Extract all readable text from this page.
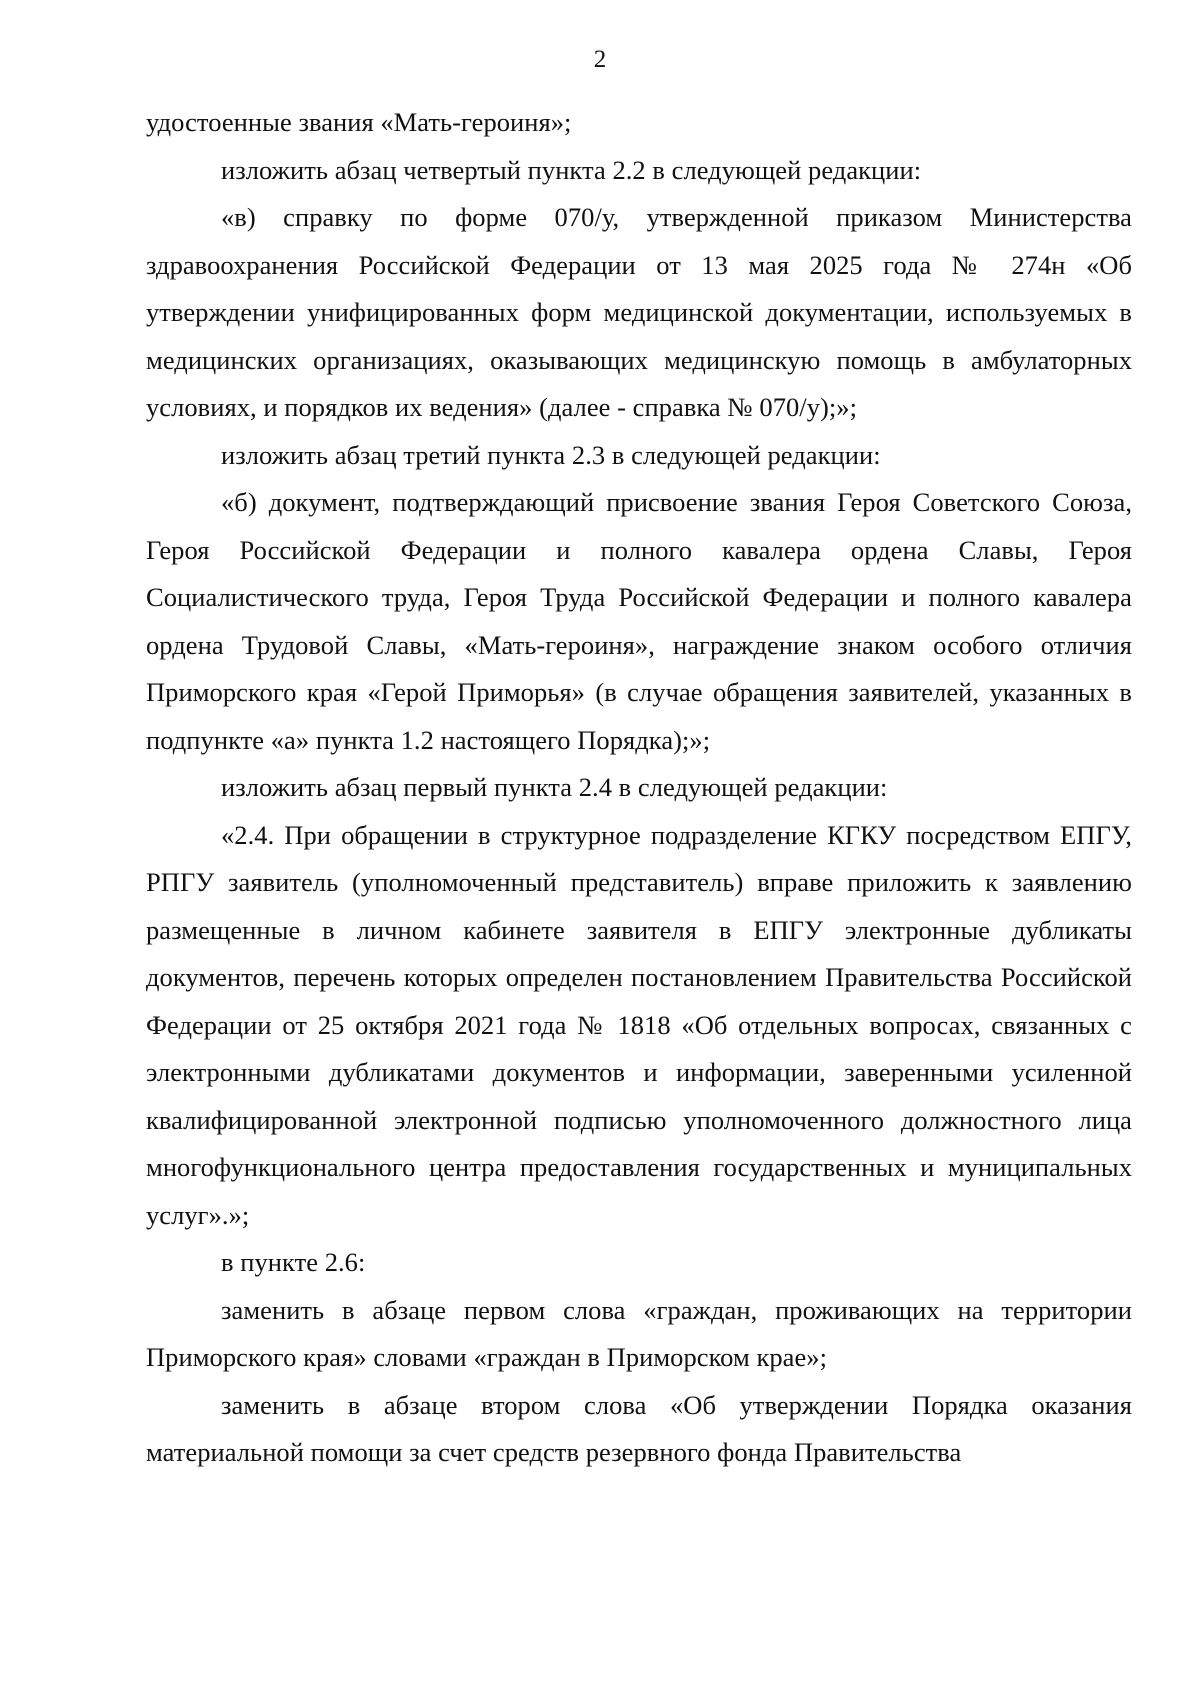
2

удостоенные звания «Мать-героиня»;

изложить абзац четвертый пункта 2.2 в следующей редакции:

«в) справку по форме 070/у, утвержденной приказом Министерства здравоохранения Российской Федерации от 13 мая 2025 года № 274н «Об утверждении унифицированных форм медицинской документации, используемых в медицинских организациях, оказывающих медицинскую помощь в амбулаторных условиях, и порядков их ведения» (далее - справка № 070/у);»;

изложить абзац третий пункта 2.3 в следующей редакции:

«б) документ, подтверждающий присвоение звания Героя Советского Союза, Героя Российской Федерации и полного кавалера ордена Славы, Героя Социалистического труда, Героя Труда Российской Федерации и полного кавалера ордена Трудовой Славы, «Мать-героиня», награждение знаком особого отличия Приморского края «Герой Приморья» (в случае обращения заявителей, указанных в подпункте «а» пункта 1.2 настоящего Порядка);»;

изложить абзац первый пункта 2.4 в следующей редакции:

«2.4. При обращении в структурное подразделение КГКУ посредством ЕПГУ, РПГУ заявитель (уполномоченный представитель) вправе приложить к заявлению размещенные в личном кабинете заявителя в ЕПГУ электронные дубликаты документов, перечень которых определен постановлением Правительства Российской Федерации от 25 октября 2021 года № 1818 «Об отдельных вопросах, связанных с электронными дубликатами документов и информации, заверенными усиленной квалифицированной электронной подписью уполномоченного должностного лица многофункционального центра предоставления государственных и муниципальных услуг».»;

в пункте 2.6:

заменить в абзаце первом слова «граждан, проживающих на территории Приморского края» словами «граждан в Приморском крае»;

заменить в абзаце втором слова «Об утверждении Порядка оказания материальной помощи за счет средств резервного фонда Правительства
